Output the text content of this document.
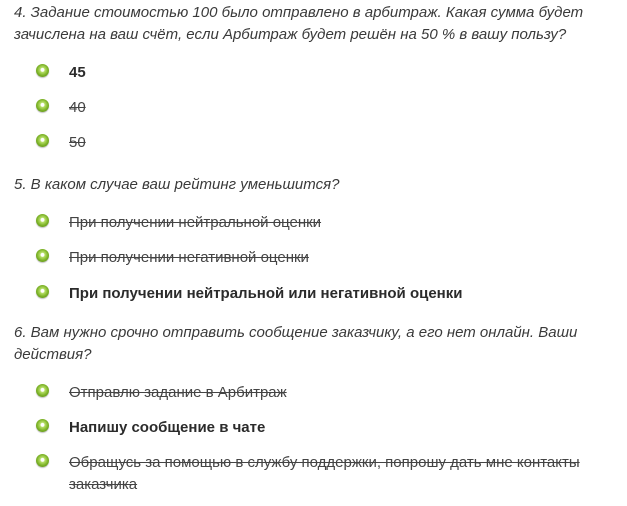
4. Задание стоимостью 100 было отправлено в арбитраж. Какая сумма будет зачислена на ваш счёт, если Арбитраж будет решён на 50 % в вашу пользу?

45
40
50

5. В каком случае ваш рейтинг уменьшится?

При получении нейтральной оценки
При получении негативной оценки
При получении нейтральной или негативной оценки

6. Вам нужно срочно отправить сообщение заказчику, а его нет онлайн. Ваши действия?

Отправлю задание в Арбитраж
Напишу сообщение в чате
Обращусь за помощью в службу поддержки, попрошу дать мне контакты заказчика
